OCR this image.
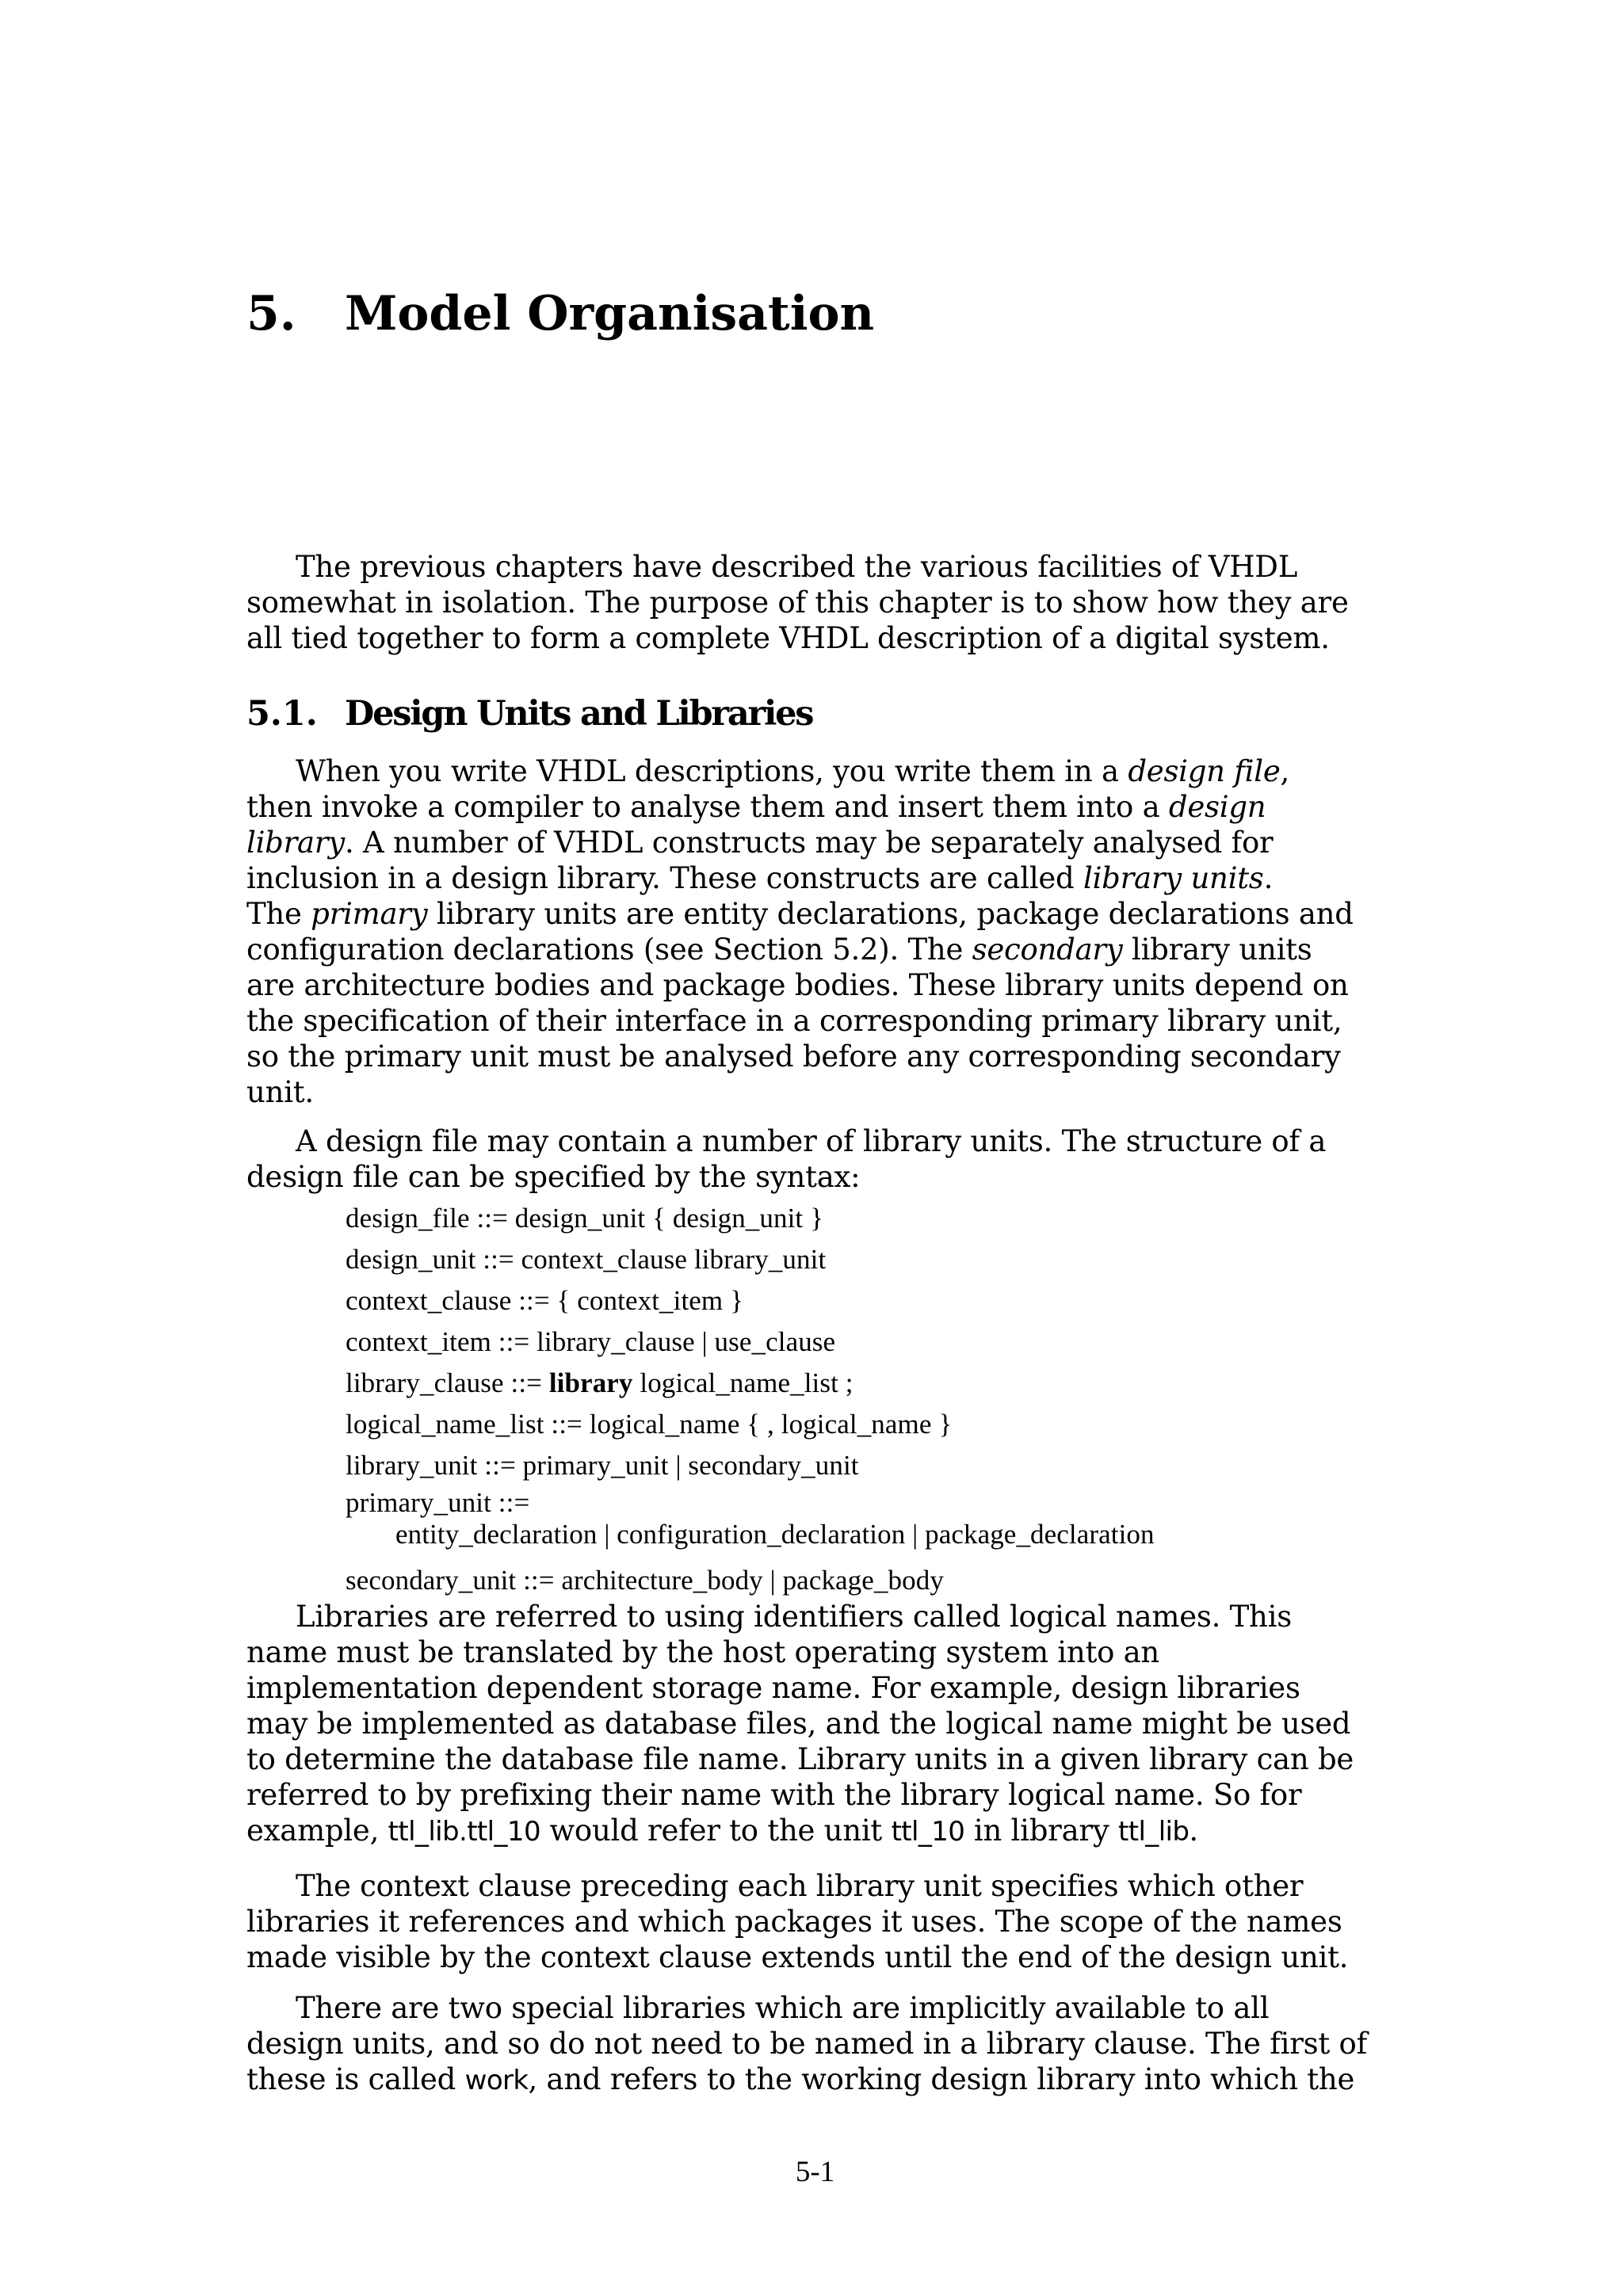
5. Model Organisation
The previous chapters have described the various facilities of VHDL
somewhat in isolation. The purpose of this chapter is to show how they are
all tied together to form a complete VHDL description of a digital system.
5.1. Design Units and Libraries
When you write VHDL descriptions, you write them in a design file,
then invoke a compiler to analyse them and insert them into a design
library. A number of VHDL constructs may be separately analysed for
inclusion in a design library. These constructs are called library units.
The primary library units are entity declarations, package declarations and
configuration declarations (see Section 5.2). The secondary library units
are architecture bodies and package bodies. These library units depend on
the specification of their interface in a corresponding primary library unit,
so the primary unit must be analysed before any corresponding secondary
unit.
A design file may contain a number of library units. The structure of a
design file can be specified by the syntax:
design_file ::= design_unit { design_unit }
design_unit ::= context_clause library_unit
context_clause ::= { context_item }
context_item ::= library_clause | use_clause
library_clause ::= library logical_name_list ;
logical_name_list ::= logical_name { , logical_name }
library_unit ::= primary_unit | secondary_unit
primary_unit ::=
entity_declaration | configuration_declaration | package_declaration
secondary_unit ::= architecture_body | package_body
Libraries are referred to using identifiers called logical names. This
name must be translated by the host operating system into an
implementation dependent storage name. For example, design libraries
may be implemented as database files, and the logical name might be used
to determine the database file name. Library units in a given library can be
referred to by prefixing their name with the library logical name. So for
example, ttl_lib.ttl_10 would refer to the unit ttl_10 in library ttl_lib.
The context clause preceding each library unit specifies which other
libraries it references and which packages it uses. The scope of the names
made visible by the context clause extends until the end of the design unit.
There are two special libraries which are implicitly available to all
design units, and so do not need to be named in a library clause. The first of
these is called work, and refers to the working design library into which the

5-1
